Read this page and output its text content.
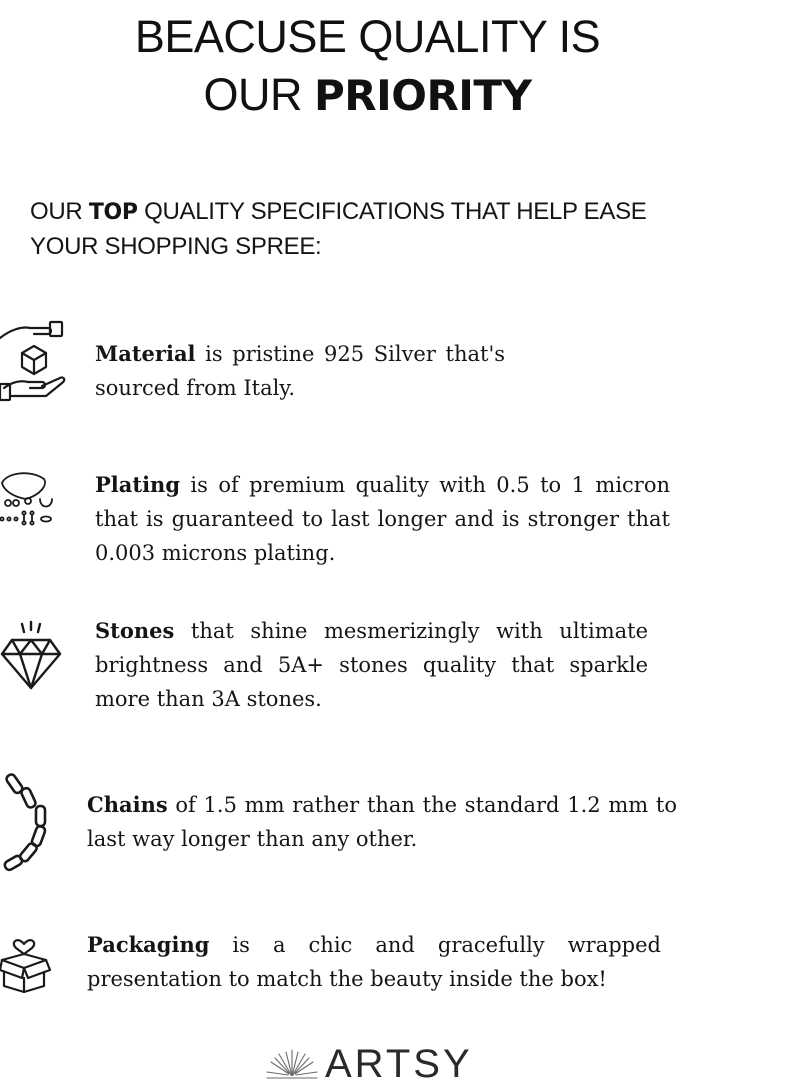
BEACUSE QUALITY IS
OUR PRIORITY
OUR TOP QUALITY SPECIFICATIONS THAT HELP EASE YOUR SHOPPING SPREE:
Material is pristine 925 Silver that's sourced from Italy.
Plating is of premium quality with 0.5 to 1 micron that is guaranteed to last longer and is stronger that 0.003 microns plating.
Stones that shine mesmerizingly with ultimate brightness and 5A+ stones quality that sparkle more than 3A stones.
Chains of 1.5 mm rather than the standard 1.2 mm to last way longer than any other.
Packaging is a chic and gracefully wrapped presentation to match the beauty inside the box!
ARTSY
